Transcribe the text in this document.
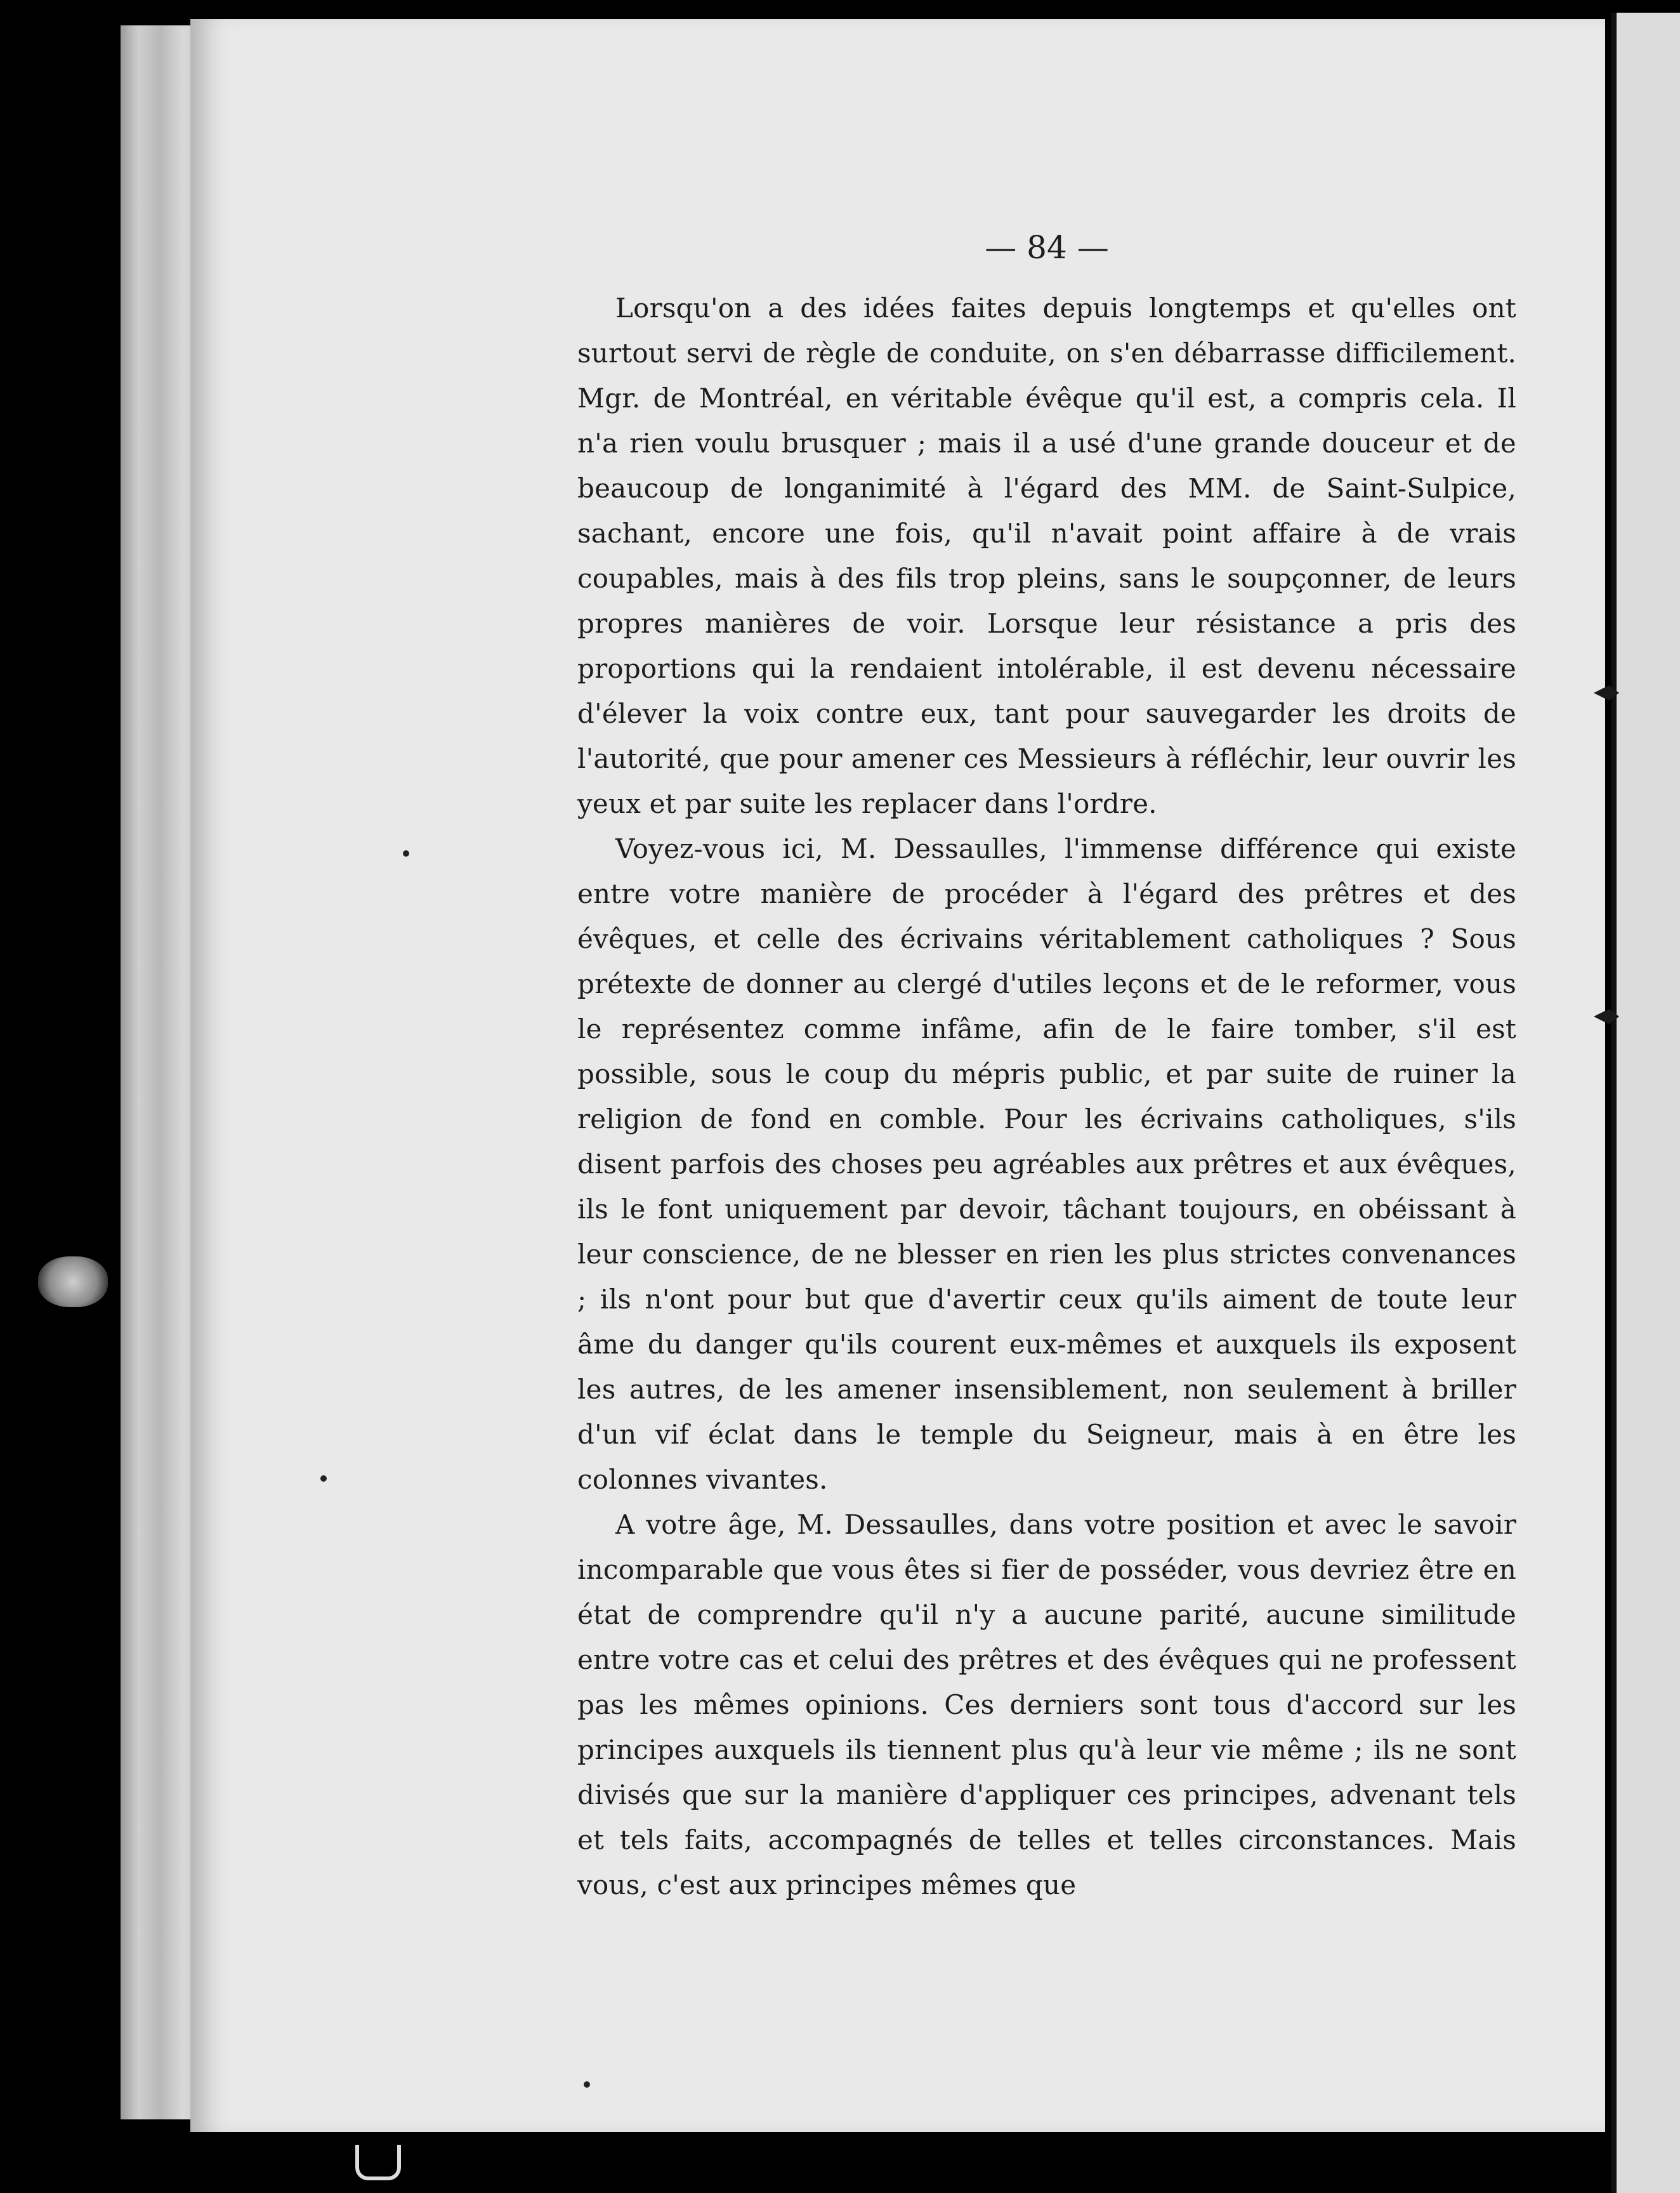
— 84 —

Lorsqu'on a des idées faites depuis longtemps et qu'elles ont surtout servi de règle de conduite, on s'en débarrasse difficilement. Mgr. de Montréal, en véritable évêque qu'il est, a compris cela. Il n'a rien voulu brusquer ; mais il a usé d'une grande douceur et de beaucoup de longanimité à l'égard des MM. de Saint-Sulpice, sachant, encore une fois, qu'il n'avait point affaire à de vrais coupables, mais à des fils trop pleins, sans le soupçonner, de leurs propres manières de voir. Lorsque leur résistance a pris des proportions qui la rendaient intolérable, il est devenu nécessaire d'élever la voix contre eux, tant pour sauvegarder les droits de l'autorité, que pour amener ces Messieurs à réfléchir, leur ouvrir les yeux et par suite les replacer dans l'ordre.

Voyez-vous ici, M. Dessaulles, l'immense différence qui existe entre votre manière de procéder à l'égard des prêtres et des évêques, et celle des écrivains véritablement catholiques ? Sous prétexte de donner au clergé d'utiles leçons et de le reformer, vous le représentez comme infâme, afin de le faire tomber, s'il est possible, sous le coup du mépris public, et par suite de ruiner la religion de fond en comble. Pour les écrivains catholiques, s'ils disent parfois des choses peu agréables aux prêtres et aux évêques, ils le font uniquement par devoir, tâchant toujours, en obéissant à leur conscience, de ne blesser en rien les plus strictes convenances ; ils n'ont pour but que d'avertir ceux qu'ils aiment de toute leur âme du danger qu'ils courent eux-mêmes et auxquels ils exposent les autres, de les amener insensiblement, non seulement à briller d'un vif éclat dans le temple du Seigneur, mais à en être les colonnes vivantes.

A votre âge, M. Dessaulles, dans votre position et avec le savoir incomparable que vous êtes si fier de posséder, vous devriez être en état de comprendre qu'il n'y a aucune parité, aucune similitude entre votre cas et celui des prêtres et des évêques qui ne professent pas les mêmes opinions. Ces derniers sont tous d'accord sur les principes auxquels ils tiennent plus qu'à leur vie même ; ils ne sont divisés que sur la manière d'appliquer ces principes, advenant tels et tels faits, accompagnés de telles et telles circonstances. Mais vous, c'est aux principes mêmes que
